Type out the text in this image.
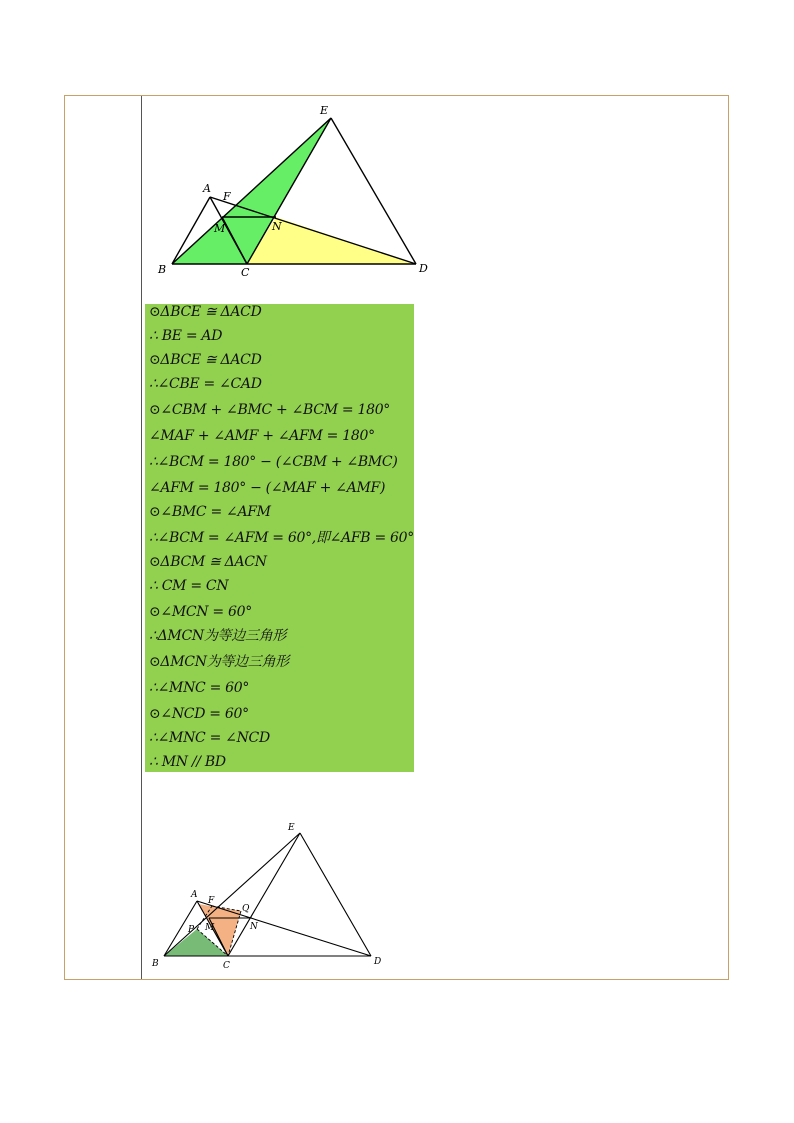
E
A
F
M	N
B	C	D
⊙ΔBCE ≅ ΔACD
∴ BE = AD
⊙ΔBCE ≅ ΔACD
∴∠CBE = ∠CAD
⊙∠CBM + ∠BMC + ∠BCM = 180°
∠MAF + ∠AMF + ∠AFM = 180°
∴∠BCM = 180° − (∠CBM + ∠BMC)
∠AFM = 180° − (∠MAF + ∠AMF)
⊙∠BMC = ∠AFM
∴∠BCM = ∠AFM = 60°,即∠AFB = 60°
⊙ΔBCM ≅ ΔACN
∴ CM = CN
⊙∠MCN = 60°
∴ΔMCN为等边三角形
⊙ΔMCN为等边三角形
∴∠MNC = 60°
⊙∠NCD = 60°
∴∠MNC = ∠NCD
∴ MN // BD
E
A
F
Q
P M	N
B	C	D
